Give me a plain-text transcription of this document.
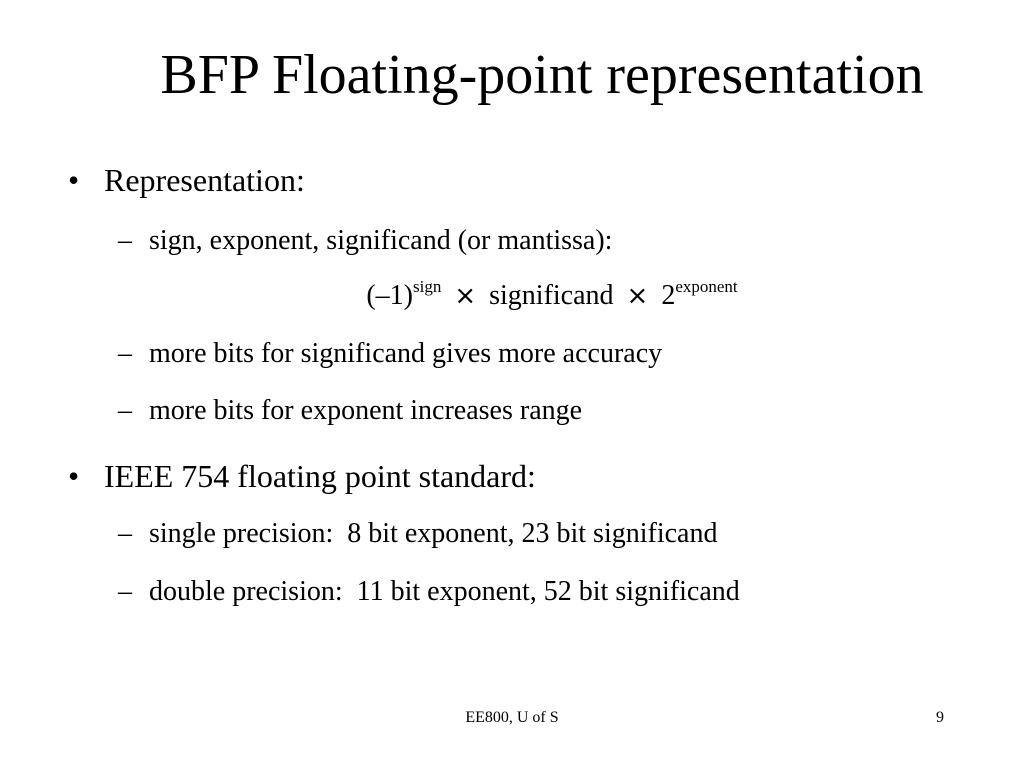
BFP Floating-point representation
• Representation:
– sign, exponent, significand (or mantissa):
$(-1)^{sign}$ × significand × $2^{exponent}$
– more bits for significand gives more accuracy
– more bits for exponent increases range
• IEEE 754 floating point standard:
– single precision:  8 bit exponent, 23 bit significand
– double precision:  11 bit exponent, 52 bit significand
EE800, U of S	9
